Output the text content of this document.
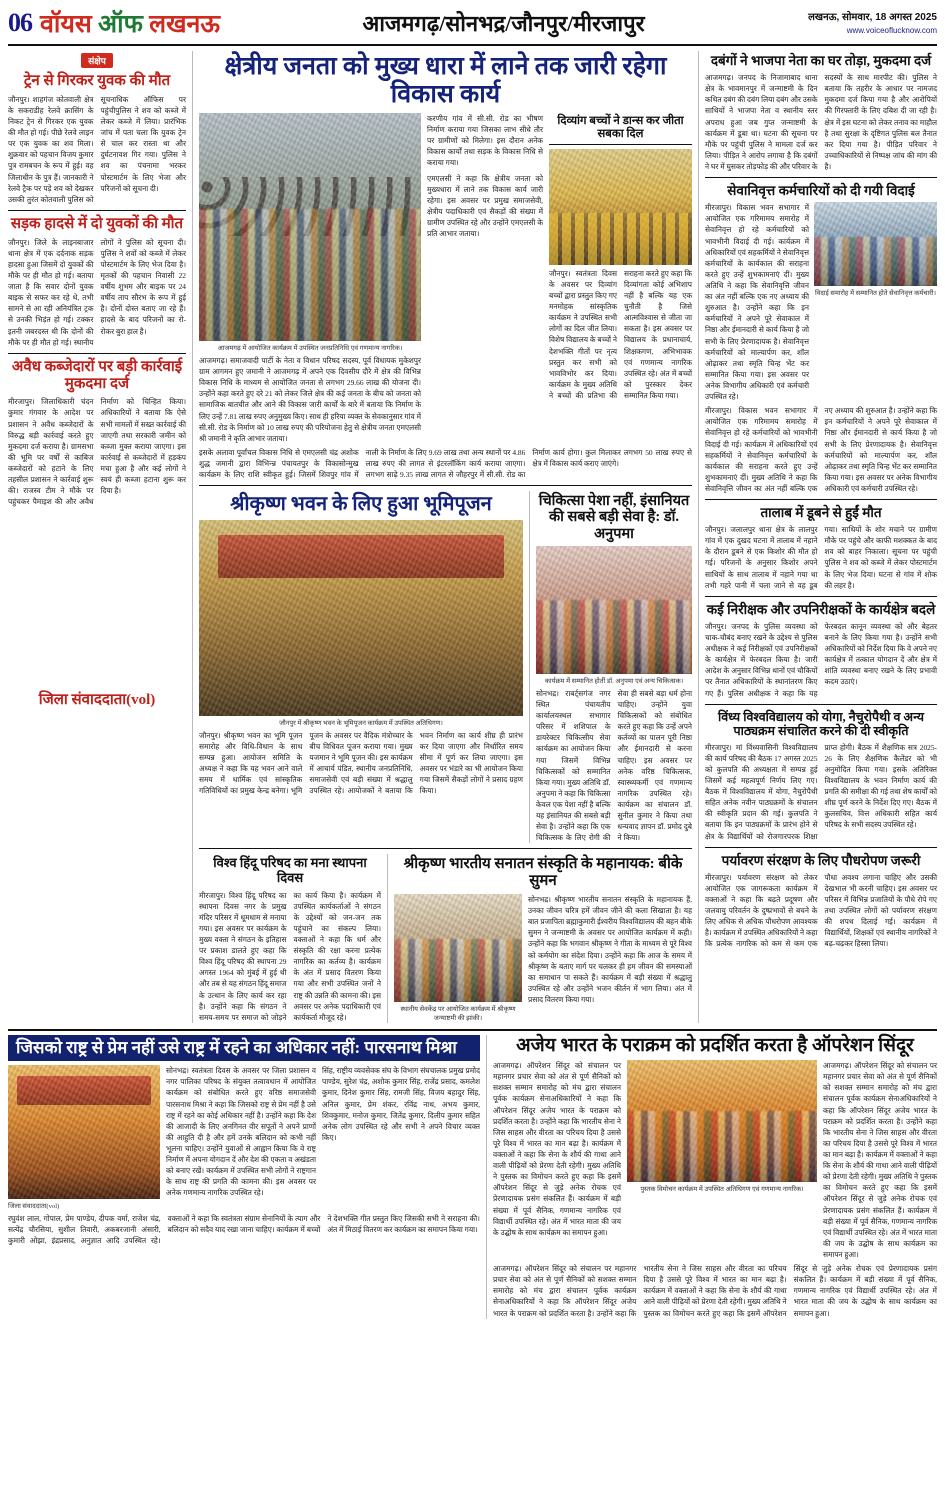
06 वॉयस ऑफ लखनऊ	आजमगढ़/सोनभद्र/जौनपुर/मीरजापुर	लखनऊ, सोमवार, 18 अगस्त 2025
www.voiceoflucknow.com
संक्षेप
ट्रेन से गिरकर युवक की मौत
जौनपुर। शाहगंज कोतवाली क्षेत्र के सकराडीह रेलवे क्रासिंग के निकट ट्रेन से गिरकर एक युवक की मौत हो गई। पीछे रेलवे लाइन पर एक युवक का शव मिला। शुक्रवार को पहचान विजय कुमार पुत्र रामबचन के रूप में हुई। वह जिलाधीन के पुत्र हैं। जानकारी ने रेलवे ट्रैक पर पड़े शव को देखकर उसकी तुरंत कोतवाली पुलिस को सूचनाधिक ऑफिस पर पहुंचीपुलिस ने शव को कब्जे में लेकर कब्जे में लिया। प्रारंभिक जांच में पता चला कि युवक ट्रेन से चाल कर रास्ता था और दुर्घटनावश गिर गया। पुलिस ने शव का पंचनामा भरकर पोस्टमार्टम के लिए भेजा और परिजनों को सूचना दी।
सड़क हादसे में दो युवकों की मौत
जौनपुर। जिले के लाइनबाजार थाना क्षेत्र में एक दर्दनाक सड़क हादसा हुआ जिसमें दो युवकों की मौके पर ही मौत हो गई। बताया जाता है कि सवार दोनों युवक बाइक से सफर कर रहे थे, तभी सामने से आ रही अनियंत्रित ट्रक से उनकी भिड़ंत हो गई। टक्कर इतनी जबरदस्त थी कि दोनों की मौके पर ही मौत हो गई। स्थानीय लोगों ने पुलिस को सूचना दी। पुलिस ने शवों को कब्जे में लेकर पोस्टमार्टम के लिए भेज दिया है। मृतकों की पहचान निवासी 22 वर्षीय शुभम और बाइक पर 24 वर्षीय ताप सौरभ के रूप में हुई है। दोनों दोस्त बताए जा रहे हैं। हादसे के बाद परिजनों का रो-रोकर बुरा हाल है।
अवैध कब्जेदारों पर बड़ी कार्रवाई मुकदमा दर्ज
मीरजापुर। जिलाधिकारी चंदन कुमार गंगवार के आदेश पर प्रशासन ने अवैध कब्जेदारों के विरुद्ध बड़ी कार्रवाई करते हुए मुकदमा दर्ज कराया है। ग्रामसभा की भूमि पर वर्षों से काबिज कब्जेदारों को हटाने के लिए तहसील प्रशासन ने कार्रवाई शुरू की। राजस्व टीम ने मौके पर पहुंचकर पैमाइश की और अवैध निर्माण को चिन्हित किया। अधिकारियों ने बताया कि ऐसे सभी मामलों में सख्त कार्रवाई की जाएगी तथा सरकारी जमीन को कब्जा मुक्त कराया जाएगा। इस कार्रवाई से कब्जेदारों में हड़कंप मचा हुआ है और कई लोगों ने स्वयं ही कब्जा हटाना शुरू कर दिया है।
क्षेत्रीय जनता को मुख्य धारा में लाने तक जारी रहेगा विकास कार्य
आजमगढ़ में आयोजित कार्यक्रम में उपस्थित जनप्रतिनिधि एवं गणमान्य नागरिक।
आजमगढ़। समाजवादी पार्टी के नेता व विधान परिषद सदस्य, पूर्व विधायक मुकेशपुर ग्राम आगमन हुए जमानी ने आजमगढ़ में अपने एक दिवसीय दौरे में क्षेत्र की विभिन्न विकास निधि के माध्यम से आयोजित जनता से लगभग 29.66 लाख की योजना दी। उन्होंने कहा करते हुए दरे 21 को लेकर जिले क्षेत्र की कई जनता के बीच को जनता को सामाजिक बातचीत और आने की विकास जारी कार्यों के बारे में बताया कि निर्माण के लिए उन्हें 7.81 लाख रुपए अनुमुख्य किए। साथ ही हरिया व्यक्त के सेवकानुसार गांव में सी.सी. रोड के निर्माण को 10 लाख रुपए की परियोजना हेतु से क्षेत्रीय जनता एमएलसी श्री जमानी ने कृति आभार जताया।
करणीय गांव में सी.सी. रोड का भीषण निर्माण कराया गया जिसका लाभ सीधे तौर पर ग्रामीणों को मिलेगा। इस दौरान अनेक विकास कार्यों तथा सड़क के विकास निधि से कराया गया।
एमएलसी ने कहा कि क्षेत्रीय जनता को मुख्यधारा में लाने तक विकास कार्य जारी रहेगा। इस अवसर पर प्रमुख समाजसेवी, क्षेत्रीय पदाधिकारी एवं सैकड़ों की संख्या में ग्रामीण उपस्थित रहे और उन्होंने एमएलसी के प्रति आभार जताया।
दिव्यांग बच्चों ने डान्स कर जीता सबका दिल
जौनपुर। स्वतंत्रता दिवस के अवसर पर दिव्यांग बच्चों द्वारा प्रस्तुत किए गए मनमोहक सांस्कृतिक कार्यक्रम ने उपस्थित सभी लोगों का दिल जीत लिया। विशेष विद्यालय के बच्चों ने देशभक्ति गीतों पर नृत्य प्रस्तुत कर सभी को भावविभोर कर दिया। कार्यक्रम के मुख्य अतिथि ने बच्चों की प्रतिभा की सराहना करते हुए कहा कि दिव्यांगता कोई अभिशाप नहीं है बल्कि यह एक चुनौती है जिसे आत्मविश्वास से जीता जा सकता है। इस अवसर पर विद्यालय के प्रधानाचार्य, शिक्षकगण, अभिभावक एवं गणमान्य नागरिक उपस्थित रहे। अंत में बच्चों को पुरस्कार देकर सम्मानित किया गया।
इसके अलावा पूर्वांचल विकास निधि से एमएलसी चंद्र अशोक शुद्ध जमानी द्वारा विभिन्न्न पंचायतपुर के विकासोन्मुख कार्यक्रम के लिए राशि स्वीकृत हुई। जिसमें शिवपुर गांव में नाली के निर्माण के लिए 9.69 लाख तथा अन्य स्थानों पर 4.86 लाख रुपए की लागत से इंटरलॉकिंग कार्य कराया जाएगा। लगभग साढ़े 9.35 लाख लागत से जौहरपुर में सी.सी. रोड का निर्माण कार्य होगा। कुल मिलाकर लगभग 50 लाख रुपए से क्षेत्र में विकास कार्य कराए जाएंगे।
श्रीकृष्ण भवन के लिए हुआ भूमिपूजन
जौनपुर में श्रीकृष्ण भवन के भूमिपूजन कार्यक्रम में उपस्थित अतिथिगण।
जौनपुर। श्रीकृष्ण भवन का भूमि पूजन समारोह और विधि-विधान के साथ सम्पन्न हुआ। आयोजन समिति के अध्यक्ष ने कहा कि यह भवन आने वाले समय में धार्मिक एवं सांस्कृतिक गतिविधियों का प्रमुख केन्द्र बनेगा। भूमि पूजन के अवसर पर वैदिक मंत्रोच्चार के बीच विधिवत पूजन कराया गया। मुख्य यजमान ने भूमि पूजन की। इस कार्यक्रम में आचार्य पंडित, स्थानीय जनप्रतिनिधि, समाजसेवी एवं बड़ी संख्या में श्रद्धालु उपस्थित रहे। आयोजकों ने बताया कि भवन निर्माण का कार्य शीघ्र ही प्रारंभ कर दिया जाएगा और निर्धारित समय सीमा में पूर्ण कर लिया जाएगा। इस अवसर पर भंडारे का भी आयोजन किया गया जिसमें सैकड़ों लोगों ने प्रसाद ग्रहण किया।
चिकित्सा पेशा नहीं, इंसानियत की सबसे बड़ी सेवा है: डॉ. अनुपमा
कार्यक्रम में सम्मानित होतीं डॉ. अनुपमा एवं अन्य चिकित्सक।
सोनभद्र। राबर्ट्सगंज नगर स्थित पंचायतीय कार्यालयस्थल सभागार परिसर में शशिपाल के डायरेक्टर चिकित्सीय सेवा कार्यक्रम का आयोजन किया गया जिसमें विभिन्न चिकित्सकों को सम्मानित किया गया। मुख्य अतिथि डॉ. अनुपमा ने कहा कि चिकित्सा केवल एक पेशा नहीं है बल्कि यह इंसानियत की सबसे बड़ी सेवा है। उन्होंने कहा कि एक चिकित्सक के लिए रोगी की सेवा ही सबसे बड़ा धर्म होना चाहिए। उन्होंने युवा चिकित्सकों को संबोधित करते हुए कहा कि उन्हें अपने कर्तव्यों का पालन पूरी निष्ठा और ईमानदारी से करना चाहिए। इस अवसर पर अनेक वरिष्ठ चिकित्सक, स्वास्थ्यकर्मी एवं गणमान्य नागरिक उपस्थित रहे। कार्यक्रम का संचालन डॉ. सुनील कुमार ने किया तथा धन्यवाद ज्ञापन डॉ. प्रमोद दुबे ने किया।
विश्व हिंदू परिषद का मना स्थापना दिवस
मीरजापुर। विश्व हिंदू परिषद का स्थापना दिवस नगर के प्रमुख मंदिर परिसर में धूमधाम से मनाया गया। इस अवसर पर कार्यक्रम के मुख्य वक्ता ने संगठन के इतिहास पर प्रकाश डालते हुए कहा कि विश्व हिंदू परिषद की स्थापना 29 अगस्त 1964 को मुंबई में हुई थी और तब से यह संगठन हिंदू समाज के उत्थान के लिए कार्य कर रहा है। उन्होंने कहा कि संगठन ने समय-समय पर समाज को जोड़ने का कार्य किया है। कार्यक्रम में उपस्थित कार्यकर्ताओं ने संगठन के उद्देश्यों को जन-जन तक पहुंचाने का संकल्प लिया। वक्ताओं ने कहा कि धर्म और संस्कृति की रक्षा करना प्रत्येक नागरिक का कर्तव्य है। कार्यक्रम के अंत में प्रसाद वितरण किया गया और सभी उपस्थित जनों ने राष्ट्र की उन्नति की कामना की। इस अवसर पर अनेक पदाधिकारी एवं कार्यकर्ता मौजूद रहे।
श्रीकृष्ण भारतीय सनातन संस्कृति के महानायक: बीके सुमन
स्थानीय सेवकेंद्र पर आयोजित कार्यक्रम में श्रीकृष्ण जन्माष्टमी की झांकी।
सोनभद्र। श्रीकृष्ण भारतीय सनातन संस्कृति के महानायक हैं, उनका जीवन चरित्र हमें जीवन जीने की कला सिखाता है। यह बात प्रजापिता ब्रह्माकुमारी ईश्वरीय विश्वविद्यालय की बहन बीके सुमन ने जन्माष्टमी के अवसर पर आयोजित कार्यक्रम में कही। उन्होंने कहा कि भगवान श्रीकृष्ण ने गीता के माध्यम से पूरे विश्व को कर्मयोग का संदेश दिया। उन्होंने कहा कि आज के समय में श्रीकृष्ण के बताए मार्ग पर चलकर ही हम जीवन की समस्याओं का समाधान पा सकते हैं। कार्यक्रम में बड़ी संख्या में श्रद्धालु उपस्थित रहे और उन्होंने भजन कीर्तन में भाग लिया। अंत में प्रसाद वितरण किया गया।
दबंगों ने भाजपा नेता का घर तोड़ा, मुकदमा दर्ज
आजमगढ़। जनपद के निजामाबाद थाना क्षेत्र के भावमानपुर में जन्माष्टमी के दिन कथित दबंग की दबंग लिया दबंग और उसके साथियों ने भाजपा नेता व स्थानीय स्तर अपराध हुआ जब गुप्त जन्माष्टमी के कार्यक्रम में डूबा था। घटना की सूचना पर मौके पर पहुंची पुलिस ने मामला दर्ज कर लिया। पीड़ित ने आरोप लगाया है कि दबंगों ने घर में घुसकर तोड़फोड़ की और परिवार के सदस्यों के साथ मारपीट की। पुलिस ने बताया कि तहरीर के आधार पर नामजद मुकदमा दर्ज किया गया है और आरोपियों की गिरफ्तारी के लिए दबिश दी जा रही है। क्षेत्र में इस घटना को लेकर तनाव का माहौल है तथा सुरक्षा के दृष्टिगत पुलिस बल तैनात कर दिया गया है। पीड़ित परिवार ने उच्चाधिकारियों से निष्पक्ष जांच की मांग की है।
सेवानिवृत्त कर्मचारियों को दी गयी विदाई
मीरजापुर। विकास भवन सभागार में आयोजित एक गरिमामय समारोह में सेवानिवृत्त हो रहे कर्मचारियों को भावभीनी विदाई दी गई। कार्यक्रम में अधिकारियों एवं सहकर्मियों ने सेवानिवृत्त कर्मचारियों के कार्यकाल की सराहना करते हुए उन्हें शुभकामनाएं दीं। मुख्य अतिथि ने कहा कि सेवानिवृत्ति जीवन का अंत नहीं बल्कि एक नए अध्याय की शुरुआत है। उन्होंने कहा कि इन कर्मचारियों ने अपने पूरे सेवाकाल में निष्ठा और ईमानदारी से कार्य किया है जो सभी के लिए प्रेरणादायक है। सेवानिवृत्त कर्मचारियों को माल्यार्पण कर, शॉल ओढ़ाकर तथा स्मृति चिन्ह भेंट कर सम्मानित किया गया। इस अवसर पर अनेक विभागीय अधिकारी एवं कर्मचारी उपस्थित रहे।
विदाई समारोह में सम्मानित होते सेवानिवृत्त कर्मचारी।
मीरजापुर। विकास भवन सभागार में आयोजित एक गरिमामय समारोह में सेवानिवृत्त हो रहे कर्मचारियों को भावभीनी विदाई दी गई। कार्यक्रम में अधिकारियों एवं सहकर्मियों ने सेवानिवृत्त कर्मचारियों के कार्यकाल की सराहना करते हुए उन्हें शुभकामनाएं दीं। मुख्य अतिथि ने कहा कि सेवानिवृत्ति जीवन का अंत नहीं बल्कि एक नए अध्याय की शुरुआत है। उन्होंने कहा कि इन कर्मचारियों ने अपने पूरे सेवाकाल में निष्ठा और ईमानदारी से कार्य किया है जो सभी के लिए प्रेरणादायक है। सेवानिवृत्त कर्मचारियों को माल्यार्पण कर, शॉल ओढ़ाकर तथा स्मृति चिन्ह भेंट कर सम्मानित किया गया। इस अवसर पर अनेक विभागीय अधिकारी एवं कर्मचारी उपस्थित रहे।
तालाब में डूबने से हुईं मौत
जौनपुर। जलालपुर थाना क्षेत्र के लालपुर गांव में एक दुखद घटना में तालाब में नहाने के दौरान डूबने से एक किशोर की मौत हो गई। परिजनों के अनुसार किशोर अपने साथियों के साथ तालाब में नहाने गया था तभी गहरे पानी में चला जाने से वह डूब गया। साथियों के शोर मचाने पर ग्रामीण मौके पर पहुंचे और काफी मशक्कत के बाद शव को बाहर निकाला। सूचना पर पहुंची पुलिस ने शव को कब्जे में लेकर पोस्टमार्टम के लिए भेज दिया। घटना से गांव में शोक की लहर है।
कई निरीक्षक और उपनिरीक्षकों के कार्यक्षेत्र बदले
जौनपुर। जनपद के पुलिस व्यवस्था को चाक-चौबंद बनाए रखने के उद्देश्य से पुलिस अधीक्षक ने कई निरीक्षकों एवं उपनिरीक्षकों के कार्यक्षेत्र में फेरबदल किया है। जारी आदेश के अनुसार विभिन्न थानों एवं चौकियों पर तैनात अधिकारियों के स्थानांतरण किए गए हैं। पुलिस अधीक्षक ने कहा कि यह फेरबदल कानून व्यवस्था को और बेहतर बनाने के लिए किया गया है। उन्होंने सभी अधिकारियों को निर्देश दिया कि वे अपने नए कार्यक्षेत्र में तत्काल योगदान दें और क्षेत्र में शांति व्यवस्था बनाए रखने के लिए प्रभावी कदम उठाएं।
विंध्य विश्वविद्यालय को योगा, नैचुरोपैथी व अन्य पाठ्यक्रम संचालित करने की दी स्वीकृति
मीरजापुर। मां विंध्यवासिनी विश्वविद्यालय की कार्य परिषद की बैठक 17 अगस्त 2025 को कुलपति की अध्यक्षता में सम्पन्न हुई जिसमें कई महत्वपूर्ण निर्णय लिए गए। बैठक में विश्वविद्यालय में योगा, नैचुरोपैथी सहित अनेक नवीन पाठ्यक्रमों के संचालन की स्वीकृति प्रदान की गई। कुलपति ने बताया कि इन पाठ्यक्रमों के प्रारंभ होने से क्षेत्र के विद्यार्थियों को रोजगारपरक शिक्षा प्राप्त होगी। बैठक में शैक्षणिक सत्र 2025-26 के लिए शैक्षणिक कैलेंडर को भी अनुमोदित किया गया। इसके अतिरिक्त विश्वविद्यालय के भवन निर्माण कार्य की प्रगति की समीक्षा की गई तथा शेष कार्यों को शीघ्र पूर्ण करने के निर्देश दिए गए। बैठक में कुलसचिव, वित्त अधिकारी सहित कार्य परिषद के सभी सदस्य उपस्थित रहे।
पर्यावरण संरक्षण के लिए पौधरोपण जरूरी
मीरजापुर। पर्यावरण संरक्षण को लेकर आयोजित एक जागरूकता कार्यक्रम में वक्ताओं ने कहा कि बढ़ते प्रदूषण और जलवायु परिवर्तन के दुष्प्रभावों से बचने के लिए अधिक से अधिक पौधरोपण आवश्यक है। कार्यक्रम में उपस्थित अधिकारियों ने कहा कि प्रत्येक नागरिक को कम से कम एक पौधा अवश्य लगाना चाहिए और उसकी देखभाल भी करनी चाहिए। इस अवसर पर परिसर में विभिन्न प्रजातियों के पौधे रोपे गए तथा उपस्थित लोगों को पर्यावरण संरक्षण की शपथ दिलाई गई। कार्यक्रम में विद्यार्थियों, शिक्षकों एवं स्थानीय नागरिकों ने बढ़-चढ़कर हिस्सा लिया।
जिसको राष्ट्र से प्रेम नहीं उसे राष्ट्र में रहने का अधिकार नहीं: पारसनाथ मिश्रा
जिला संवाददाता(vol)
सोनभद्र। स्वतंत्रता दिवस के अवसर पर जिला प्रशासन व नगर पालिका परिषद के संयुक्त तत्वावधान में आयोजित कार्यक्रम को संबोधित करते हुए वरिष्ठ समाजसेवी पारसनाथ मिश्रा ने कहा कि जिसको राष्ट्र से प्रेम नहीं है उसे राष्ट्र में रहने का कोई अधिकार नहीं है। उन्होंने कहा कि देश की आजादी के लिए अनगिनत वीर सपूतों ने अपने प्राणों की आहुति दी है और हमें उनके बलिदान को कभी नहीं भूलना चाहिए। उन्होंने युवाओं से आह्वान किया कि वे राष्ट्र निर्माण में अपना योगदान दें और देश की एकता व अखंडता को बनाए रखें। कार्यक्रम में उपस्थित सभी लोगों ने राष्ट्रगान के साथ राष्ट्र की प्रगति की कामना की। इस अवसर पर अनेक गणमान्य नागरिक उपस्थित रहे।
सिंह, राष्ट्रीय व्यवसेवक संघ के विभाग संघचालक प्रमुख प्रमोद पाण्डेय, सुरेश चंद्र, अशोक कुमार सिंह, राजेंद्र प्रसाद, कमलेश कुमार, दिनेश कुमार सिंह, रामजी सिंह, विजय बहादुर सिंह, अनिल कुमार, प्रेम शंकर, रविंद्र नाथ, अभय कुमार, शिवकुमार, मनोज कुमार, जितेंद्र कुमार, दिलीप कुमार सहित अनेक लोग उपस्थित रहे और सभी ने अपने विचार व्यक्त किए।
रघुवंश लाल, गोपाल, प्रेम पाण्डेय, दीपक वर्मा, राजेश चंद्र, सत्येंद्र चौरसिया, सुशील तिवारी, अकबरजानी अंसारी, कुमारी ओझा, इंद्रप्रसाद, अनुज्ञात आदि उपस्थित रहे। वक्ताओं ने कहा कि स्वतंत्रता संग्राम सेनानियों के त्याग और बलिदान को सदैव याद रखा जाना चाहिए। कार्यक्रम में बच्चों ने देशभक्ति गीत प्रस्तुत किए जिसकी सभी ने सराहना की। अंत में मिठाई वितरण कर कार्यक्रम का समापन किया गया।
अजेय भारत के पराक्रम को प्रदर्शित करता है ऑपरेशन सिंदूर
आजमगढ़। ऑपरेशन सिंदूर को संचालन पर महानगर प्रचार सेवा को अंत से पूर्ण सैनिकों को सशक्त सम्मान समारोह को मंच द्वारा संचालन पूर्वक कार्यक्रम सेनाअधिकारियों ने कहा कि ऑपरेशन सिंदूर अजेय भारत के पराक्रम को प्रदर्शित करता है। उन्होंने कहा कि भारतीय सेना ने जिस साहस और वीरता का परिचय दिया है उससे पूरे विश्व में भारत का मान बढ़ा है। कार्यक्रम में वक्ताओं ने कहा कि सेना के शौर्य की गाथा आने वाली पीढ़ियों को प्रेरणा देती रहेगी। मुख्य अतिथि ने पुस्तक का विमोचन करते हुए कहा कि इसमें ऑपरेशन सिंदूर से जुड़े अनेक रोचक एवं प्रेरणादायक प्रसंग संकलित हैं। कार्यक्रम में बड़ी संख्या में पूर्व सैनिक, गणमान्य नागरिक एवं विद्यार्थी उपस्थित रहे। अंत में भारत माता की जय के उद्घोष के साथ कार्यक्रम का समापन हुआ।
पुस्तक विमोचन कार्यक्रम में उपस्थित अतिथिगण एवं गणमान्य नागरिक।
आजमगढ़। ऑपरेशन सिंदूर को संचालन पर महानगर प्रचार सेवा को अंत से पूर्ण सैनिकों को सशक्त सम्मान समारोह को मंच द्वारा संचालन पूर्वक कार्यक्रम सेनाअधिकारियों ने कहा कि ऑपरेशन सिंदूर अजेय भारत के पराक्रम को प्रदर्शित करता है। उन्होंने कहा कि भारतीय सेना ने जिस साहस और वीरता का परिचय दिया है उससे पूरे विश्व में भारत का मान बढ़ा है। कार्यक्रम में वक्ताओं ने कहा कि सेना के शौर्य की गाथा आने वाली पीढ़ियों को प्रेरणा देती रहेगी। मुख्य अतिथि ने पुस्तक का विमोचन करते हुए कहा कि इसमें ऑपरेशन सिंदूर से जुड़े अनेक रोचक एवं प्रेरणादायक प्रसंग संकलित हैं। कार्यक्रम में बड़ी संख्या में पूर्व सैनिक, गणमान्य नागरिक एवं विद्यार्थी उपस्थित रहे। अंत में भारत माता की जय के उद्घोष के साथ कार्यक्रम का समापन हुआ।
आजमगढ़। ऑपरेशन सिंदूर को संचालन पर महानगर प्रचार सेवा को अंत से पूर्ण सैनिकों को सशक्त सम्मान समारोह को मंच द्वारा संचालन पूर्वक कार्यक्रम सेनाअधिकारियों ने कहा कि ऑपरेशन सिंदूर अजेय भारत के पराक्रम को प्रदर्शित करता है। उन्होंने कहा कि भारतीय सेना ने जिस साहस और वीरता का परिचय दिया है उससे पूरे विश्व में भारत का मान बढ़ा है। कार्यक्रम में वक्ताओं ने कहा कि सेना के शौर्य की गाथा आने वाली पीढ़ियों को प्रेरणा देती रहेगी। मुख्य अतिथि ने पुस्तक का विमोचन करते हुए कहा कि इसमें ऑपरेशन सिंदूर से जुड़े अनेक रोचक एवं प्रेरणादायक प्रसंग संकलित हैं। कार्यक्रम में बड़ी संख्या में पूर्व सैनिक, गणमान्य नागरिक एवं विद्यार्थी उपस्थित रहे। अंत में भारत माता की जय के उद्घोष के साथ कार्यक्रम का समापन हुआ।
जिला संवाददाता(vol)
